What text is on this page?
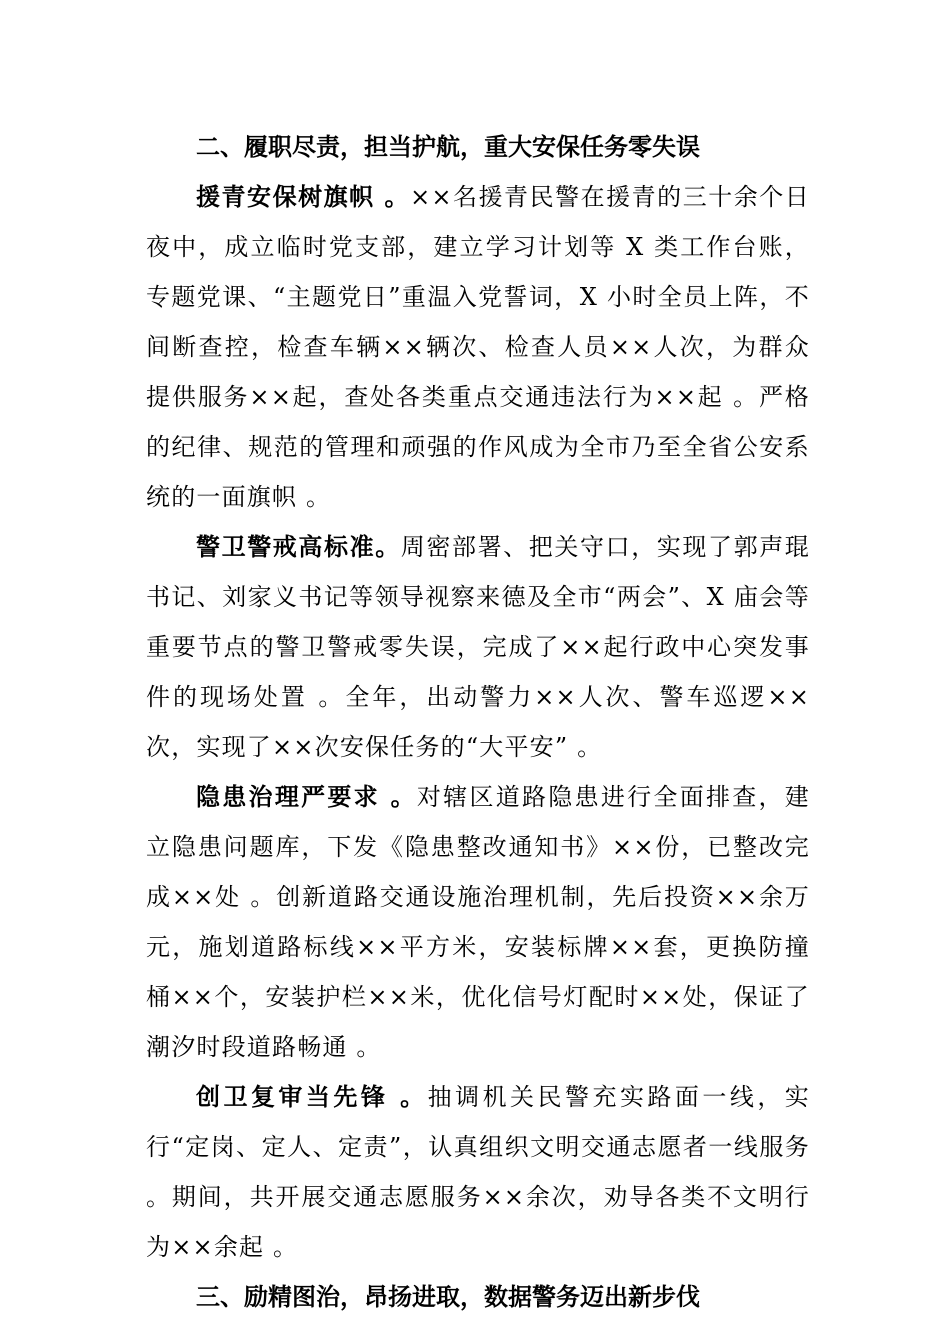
二、履职尽责，担当护航，重大安保任务零失误

援青安保树旗帜 。××名援青民警在援青的三十余个日夜中，成立临时党支部，建立学习计划等 X 类工作台账，专题党课、“主题党日”重温入党誓词，X 小时全员上阵，不间断查控，检查车辆××辆次、检查人员××人次，为群众提供服务××起，查处各类重点交通违法行为××起 。严格的纪律、规范的管理和顽强的作风成为全市乃至全省公安系统的一面旗帜 。

警卫警戒高标准。周密部署、把关守口，实现了郭声琨书记、刘家义书记等领导视察来德及全市“两会”、X 庙会等重要节点的警卫警戒零失误，完成了××起行政中心突发事件的现场处置 。全年，出动警力××人次、警车巡逻××次，实现了××次安保任务的“大平安” 。

隐患治理严要求 。对辖区道路隐患进行全面排查，建立隐患问题库，下发《隐患整改通知书》××份，已整改完成××处 。创新道路交通设施治理机制，先后投资××余万元，施划道路标线××平方米，安装标牌××套，更换防撞桶××个，安装护栏××米，优化信号灯配时××处，保证了潮汐时段道路畅通 。

创卫复审当先锋 。抽调机关民警充实路面一线，实行“定岗、定人、定责”，认真组织文明交通志愿者一线服务 。期间，共开展交通志愿服务××余次，劝导各类不文明行为××余起 。

三、励精图治，昂扬进取，数据警务迈出新步伐
